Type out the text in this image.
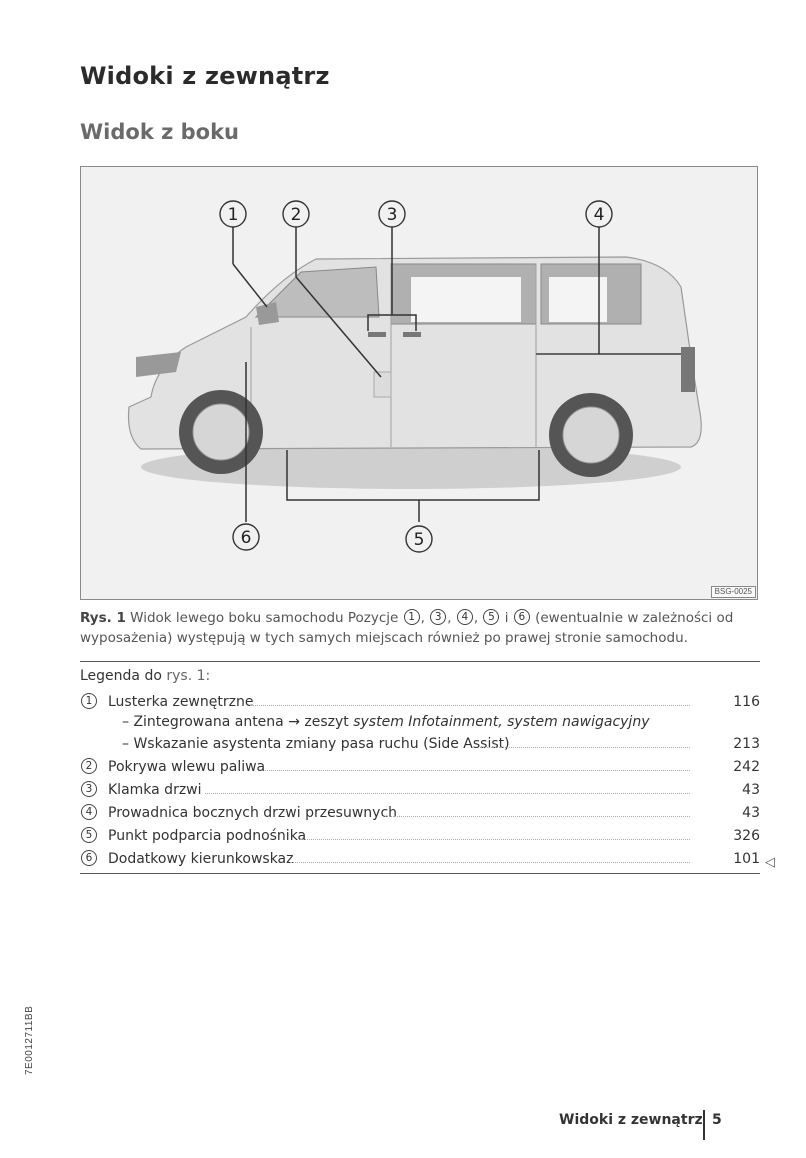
Widoki z zewnątrz
Widok z boku
1	2	3	4
5
6
BSG-0025
Rys. 1 Widok lewego boku samochodu Pozycje 1 , 3 , 4 , 5 i 6 (ewentualnie w zależności od
wyposażenia) występują w tych samych miejscach również po prawej stronie samochodu.
Legenda do rys. 1:
1	Lusterka zewnętrzne	116
– Zintegrowana antena → zeszyt system Infotainment, system nawigacyjny
– Wskazanie asystenta zmiany pasa ruchu (Side Assist)	213
2	Pokrywa wlewu paliwa	242
3	Klamka drzwi	43
4	Prowadnica bocznych drzwi przesuwnych	43
5	Punkt podparcia podnośnika	326
6	Dodatkowy kierunkowskaz	101 ◁
7E0012711BB
Widoki z zewnątrz 5
